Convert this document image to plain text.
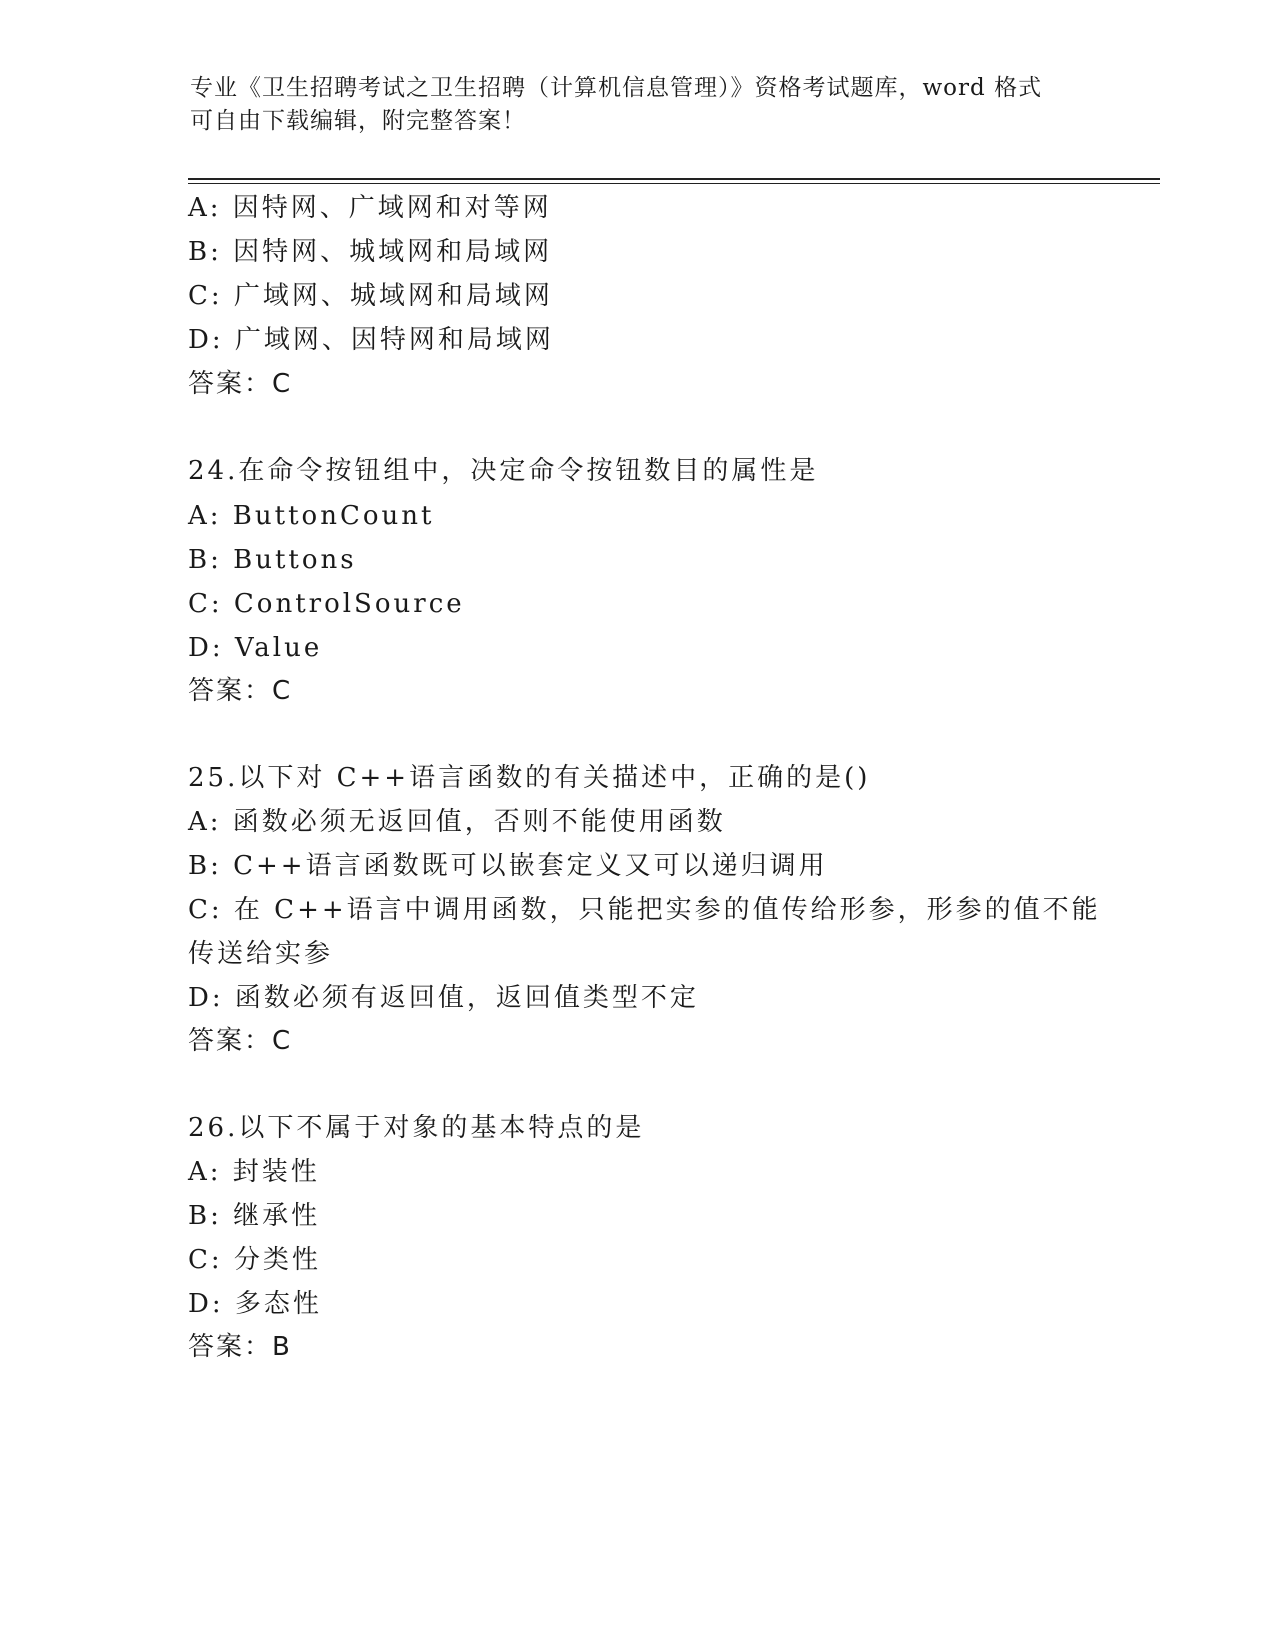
专业《卫生招聘考试之卫生招聘（计算机信息管理）》资格考试题库，word 格式
可自由下载编辑，附完整答案！
A: 因特网、广域网和对等网
B: 因特网、城域网和局域网
C: 广域网、城域网和局域网
D: 广域网、因特网和局域网
答案：C
24.在命令按钮组中，决定命令按钮数目的属性是
A: ButtonCount
B: Buttons
C: ControlSource
D: Value
答案：C
25.以下对 C++语言函数的有关描述中，正确的是()
A: 函数必须无返回值，否则不能使用函数
B: C++语言函数既可以嵌套定义又可以递归调用
C: 在 C++语言中调用函数，只能把实参的值传给形参，形参的值不能
传送给实参
D: 函数必须有返回值，返回值类型不定
答案：C
26.以下不属于对象的基本特点的是
A: 封装性
B: 继承性
C: 分类性
D: 多态性
答案：B
